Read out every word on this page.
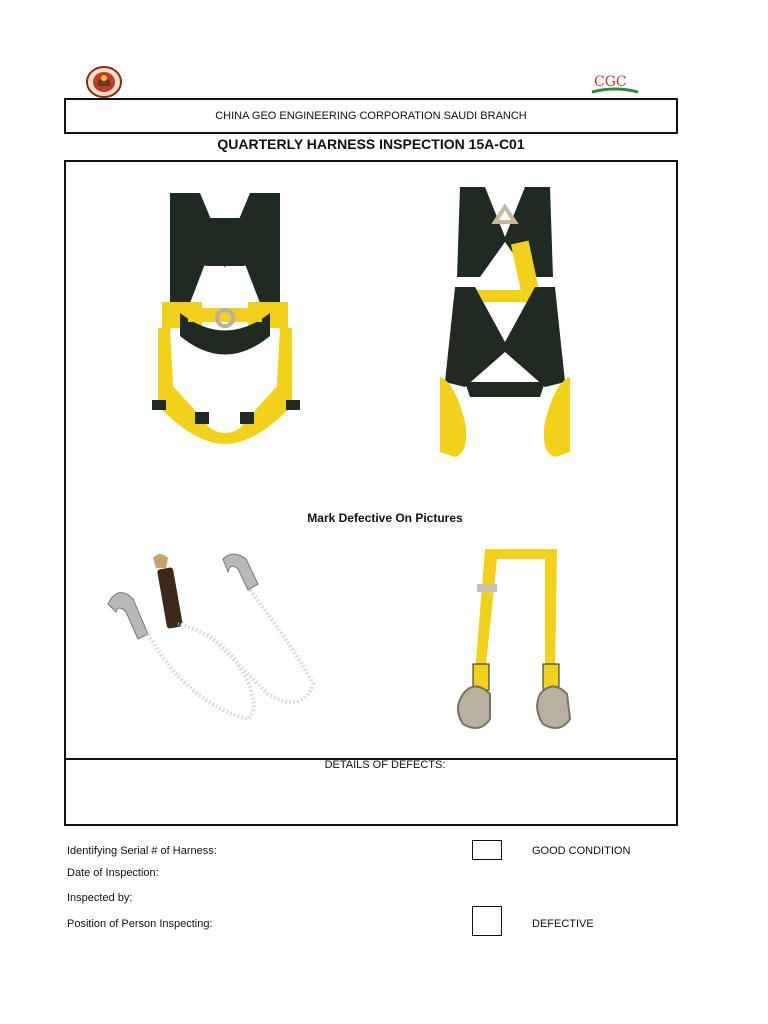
CGC
CHINA GEO ENGINEERING CORPORATION SAUDI BRANCH
QUARTERLY HARNESS INSPECTION 15A-C01
Mark Defective On Pictures
DETAILS OF DEFECTS:
Identifying Serial # of Harness:
Date of Inspection:
Inspected by:
Position of Person Inspecting:
GOOD CONDITION
DEFECTIVE
